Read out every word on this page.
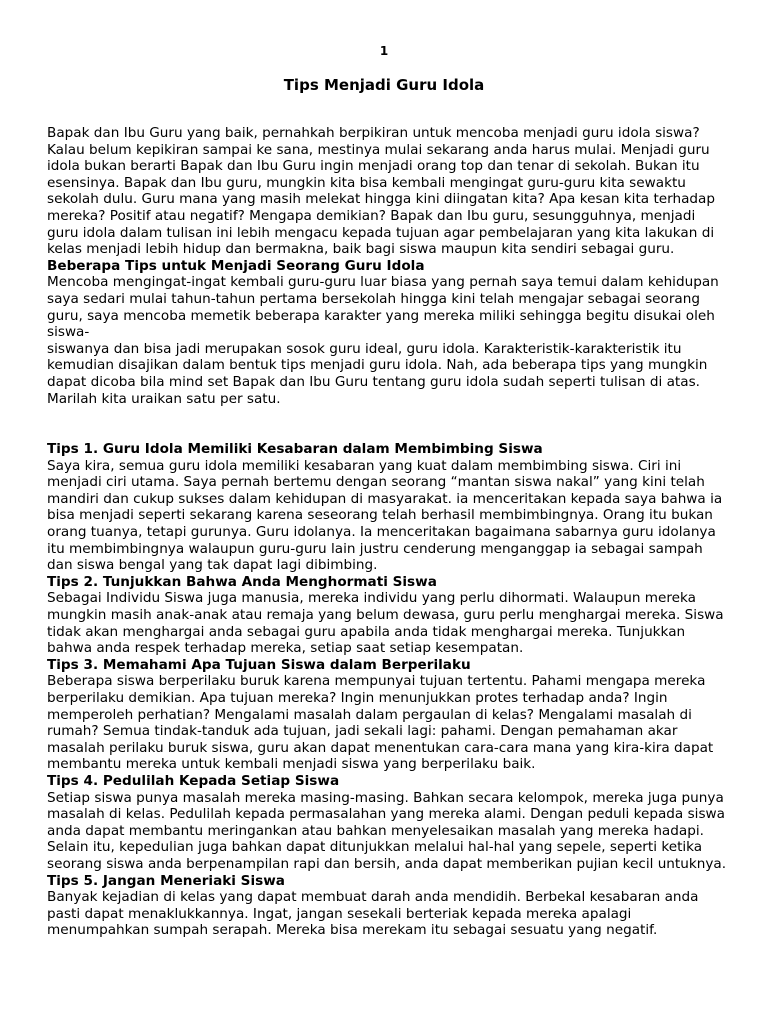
1
Tips Menjadi Guru Idola

Bapak dan Ibu Guru yang baik, pernahkah berpikiran untuk mencoba menjadi guru idola siswa? Kalau belum kepikiran sampai ke sana, mestinya mulai sekarang anda harus mulai. Menjadi guru idola bukan berarti Bapak dan Ibu Guru ingin menjadi orang top dan tenar di sekolah. Bukan itu esensinya. Bapak dan Ibu guru, mungkin kita bisa kembali mengingat guru-guru kita sewaktu sekolah dulu. Guru mana yang masih melekat hingga kini diingatan kita? Apa kesan kita terhadap mereka? Positif atau negatif? Mengapa demikian? Bapak dan Ibu guru, sesungguhnya, menjadi guru idola dalam tulisan ini lebih mengacu kepada tujuan agar pembelajaran yang kita lakukan di kelas menjadi lebih hidup dan bermakna, baik bagi siswa maupun kita sendiri sebagai guru.

Beberapa Tips untuk Menjadi Seorang Guru Idola

Mencoba mengingat-ingat kembali guru-guru luar biasa yang pernah saya temui dalam kehidupan saya sedari mulai tahun-tahun pertama bersekolah hingga kini telah mengajar sebagai seorang guru, saya mencoba memetik beberapa karakter yang mereka miliki sehingga begitu disukai oleh siswa-

siswanya dan bisa jadi merupakan sosok guru ideal, guru idola. Karakteristik-karakteristik itu kemudian disajikan dalam bentuk tips menjadi guru idola. Nah, ada beberapa tips yang mungkin dapat dicoba bila mind set Bapak dan Ibu Guru tentang guru idola sudah seperti tulisan di atas. Marilah kita uraikan satu per satu.

Tips 1. Guru Idola Memiliki Kesabaran dalam Membimbing Siswa

Saya kira, semua guru idola memiliki kesabaran yang kuat dalam membimbing siswa. Ciri ini menjadi ciri utama. Saya pernah bertemu dengan seorang “mantan siswa nakal” yang kini telah mandiri dan cukup sukses dalam kehidupan di masyarakat. ia menceritakan kepada saya bahwa ia bisa menjadi seperti sekarang karena seseorang telah berhasil membimbingnya. Orang itu bukan orang tuanya, tetapi gurunya. Guru idolanya. Ia menceritakan bagaimana sabarnya guru idolanya itu membimbingnya walaupun guru-guru lain justru cenderung menganggap ia sebagai sampah dan siswa bengal yang tak dapat lagi dibimbing.

Tips 2. Tunjukkan Bahwa Anda Menghormati Siswa

Sebagai Individu Siswa juga manusia, mereka individu yang perlu dihormati. Walaupun mereka mungkin masih anak-anak atau remaja yang belum dewasa, guru perlu menghargai mereka. Siswa tidak akan menghargai anda sebagai guru apabila anda tidak menghargai mereka. Tunjukkan bahwa anda respek terhadap mereka, setiap saat setiap kesempatan.

Tips 3. Memahami Apa Tujuan Siswa dalam Berperilaku

Beberapa siswa berperilaku buruk karena mempunyai tujuan tertentu. Pahami mengapa mereka berperilaku demikian. Apa tujuan mereka? Ingin menunjukkan protes terhadap anda? Ingin memperoleh perhatian? Mengalami masalah dalam pergaulan di kelas? Mengalami masalah di rumah? Semua tindak-tanduk ada tujuan, jadi sekali lagi: pahami. Dengan pemahaman akar masalah perilaku buruk siswa, guru akan dapat menentukan cara-cara mana yang kira-kira dapat membantu mereka untuk kembali menjadi siswa yang berperilaku baik.

Tips 4. Pedulilah Kepada Setiap Siswa

Setiap siswa punya masalah mereka masing-masing. Bahkan secara kelompok, mereka juga punya masalah di kelas. Pedulilah kepada permasalahan yang mereka alami. Dengan peduli kepada siswa anda dapat membantu meringankan atau bahkan menyelesaikan masalah yang mereka hadapi. Selain itu, kepedulian juga bahkan dapat ditunjukkan melalui hal-hal yang sepele, seperti ketika seorang siswa anda berpenampilan rapi dan bersih, anda dapat memberikan pujian kecil untuknya.

Tips 5. Jangan Meneriaki Siswa

Banyak kejadian di kelas yang dapat membuat darah anda mendidih. Berbekal kesabaran anda pasti dapat menaklukkannya. Ingat, jangan sesekali berteriak kepada mereka apalagi menumpahkan sumpah serapah. Mereka bisa merekam itu sebagai sesuatu yang negatif.
